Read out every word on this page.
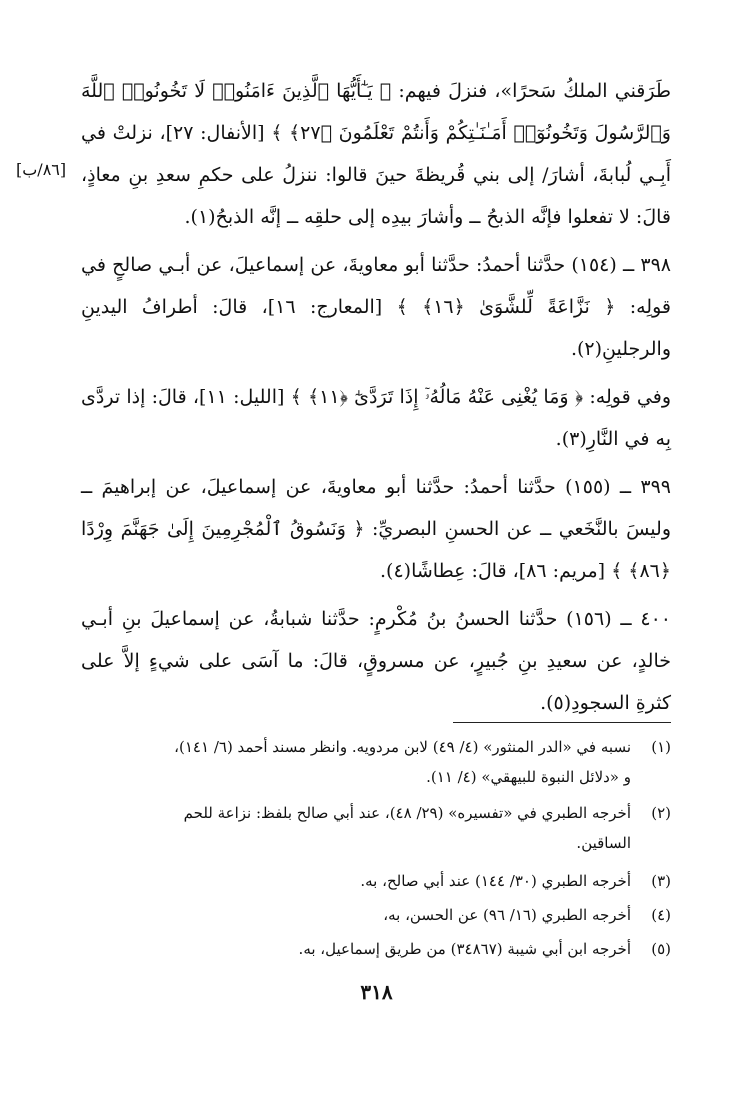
[٨٦/ب]

طَرَقني الملكُ سَحرًا»، فنزلَ فيهم: ﴿ يَـٰٓأَيُّهَا ٱلَّذِينَ ءَامَنُوا۟ لَا تَخُونُوا۟ ٱللَّهَ وَٱلرَّسُولَ وَتَخُونُوٓا۟ أَمَـٰنَـٰتِكُمْ وَأَنتُمْ تَعْلَمُونَ ﴿٢٧﴾ ﴾ [الأنفال: ٢٧]، نزلتْ في أَبِـي لُبابةَ، أشارَ/ إلى بني قُريظةَ حينَ قالوا: ننزلُ على حكمِ سعدِ بنِ معاذٍ، قالَ: لا تفعلوا فإنَّه الذبحُ ــ وأشارَ بيدِه إلى حلقِه ــ إنَّه الذبحُ(١).

٣٩٨ ــ (١٥٤) حدَّثنا أحمدُ: حدَّثنا أبو معاويةَ، عن إسماعيلَ، عن أبـي صالحٍ في قولِه: ﴿ نَزَّاعَةً لِّلشَّوَىٰ ﴿١٦﴾ ﴾ [المعارج: ١٦]، قالَ: أطرافُ اليدينِ والرجلينِ(٢).

وفي قولِه: ﴿ وَمَا يُغْنِى عَنْهُ مَالُهُۥٓ إِذَا تَرَدَّىٰٓ ﴿١١﴾ ﴾ [الليل: ١١]، قالَ: إذا تردَّى بِه في النَّارِ(٣).

٣٩٩ ــ (١٥٥) حدَّثنا أحمدُ: حدَّثنا أبو معاويةَ، عن إسماعيلَ، عن إبراهيمَ ــ وليسَ بالنَّخَعي ــ عن الحسنِ البصريِّ: ﴿ وَنَسُوقُ ٱلْمُجْرِمِينَ إِلَىٰ جَهَنَّمَ وِرْدًا ﴿٨٦﴾ ﴾ [مريم: ٨٦]، قالَ: عِطاشًا(٤).

٤٠٠ ــ (١٥٦) حدَّثنا الحسنُ بنُ مُكْرمٍ: حدَّثنا شبابةُ، عن إسماعيلَ بنِ أبـي خالدٍ، عن سعيدِ بنِ جُبيرٍ، عن مسروقٍ، قالَ: ما آسَى على شيءٍ إلاَّ على كثرةِ السجودِ(٥).

(١)نسبه في «الدر المنثور» (٤/ ٤٩) لابن مردويه. وانظر مسند أحمد (٦/ ١٤١)،
و «دلائل النبوة للبيهقي» (٤/ ١١).
(٢)أخرجه الطبري في «تفسيره» (٢٩/ ٤٨)، عند أبي صالح بلفظ: نزاعة للحم
الساقين.
(٣)أخرجه الطبري (٣٠/ ١٤٤) عند أبي صالح، به.
(٤)أخرجه الطبري (١٦/ ٩٦) عن الحسن، به،
(٥)أخرجه ابن أبي شيبة (٣٤٨٦٧) من طريق إسماعيل، به.
٣١٨
